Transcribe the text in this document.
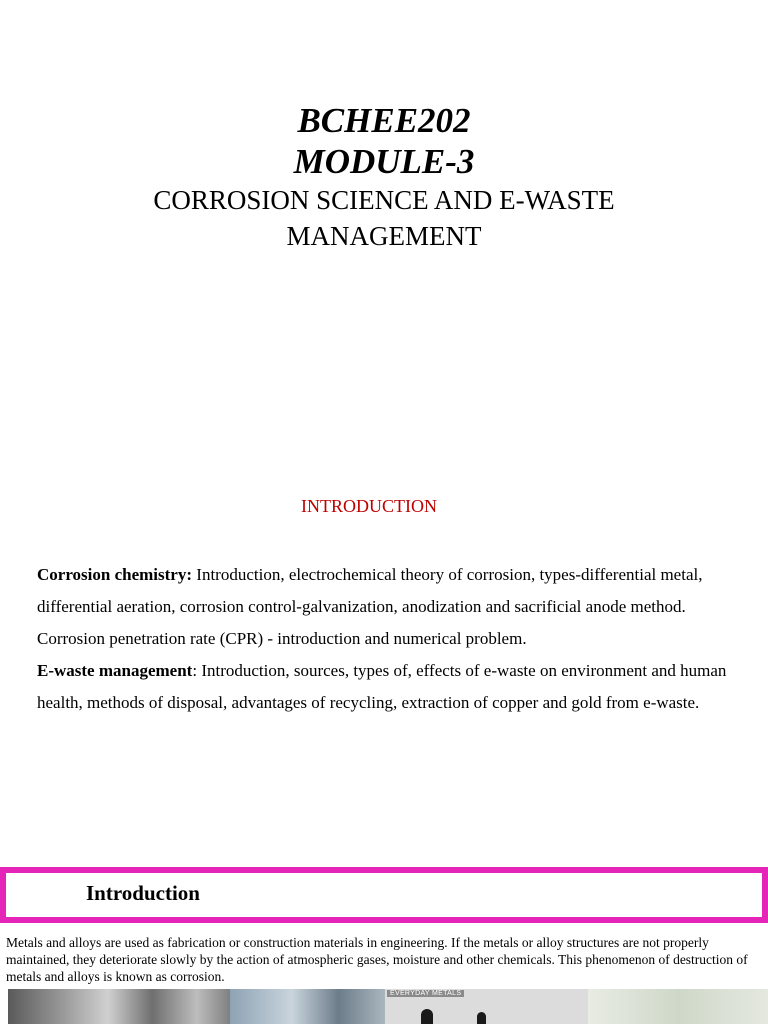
BCHEE202
MODULE-3
CORROSION SCIENCE AND E-WASTE
MANAGEMENT
INTRODUCTION
Corrosion chemistry: Introduction, electrochemical theory of corrosion, types-differential metal, differential aeration, corrosion control-galvanization, anodization and sacrificial anode method. Corrosion penetration rate (CPR) - introduction and numerical problem.
E-waste management: Introduction, sources, types of, effects of e-waste on environment and human health, methods of disposal, advantages of recycling, extraction of copper and gold from e-waste.
Introduction
Metals and alloys are used as fabrication or construction materials in engineering. If the metals or alloy structures are not properly maintained, they deteriorate slowly by the action of atmospheric gases, moisture and other chemicals. This phenomenon of destruction of metals and alloys is known as corrosion.
EVERYDAY METALS
